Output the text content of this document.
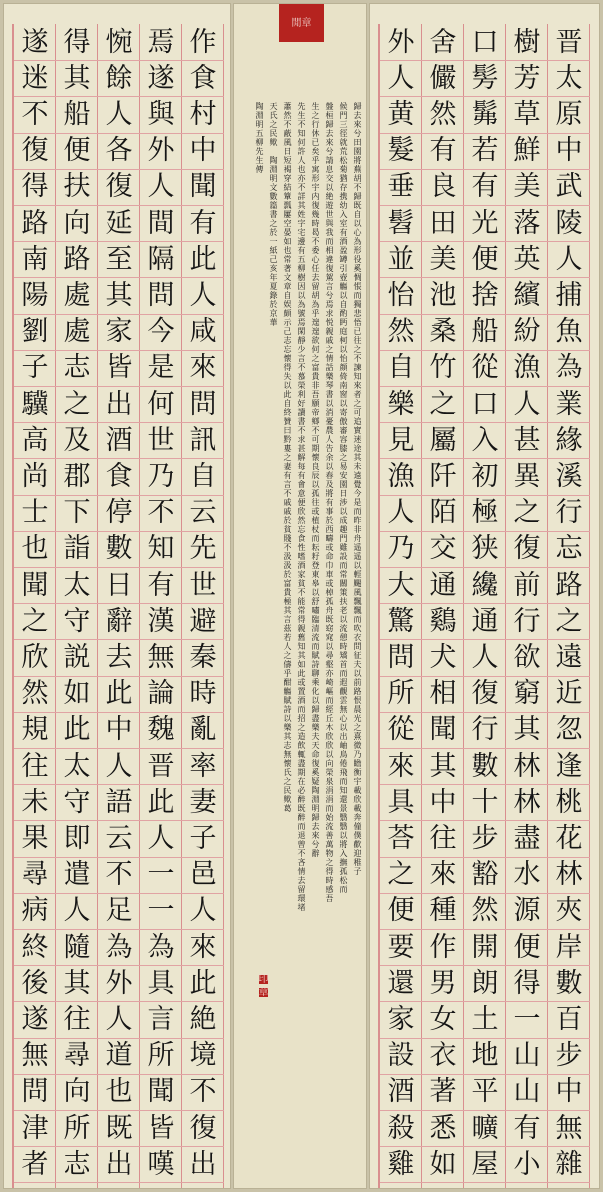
作
食
村
中
聞
有
此
人
咸
來
問
訊
自
云
先
世
避
秦
時
亂
率
妻
子
邑
人
來
此
絶
境
不
復
出
焉
遂
與
外
人
間
隔
問
今
是
何
世
乃
不
知
有
漢
無
論
魏
晋
此
人
一
一
為
具
言
所
聞
皆
嘆
惋
餘
人
各
復
延
至
其
家
皆
出
酒
食
停
數
日
辭
去
此
中
人
語
云
不
足
為
外
人
道
也
既
出
得
其
船
便
扶
向
路
處
處
志
之
及
郡
下
詣
太
守
説
如
此
太
守
即
遣
人
隨
其
往
尋
向
所
志
遂
迷
不
復
得
路
南
陽
劉
子
驥
高
尚
士
也
聞
之
欣
然
規
往
未
果
尋
病
終
後
遂
無
問
津
者
歸去來兮田園將蕪胡不歸既自以心為形役奚惆悵而獨悲悟已往之不諫知來者之可追實迷途其未遠覺今是而昨非舟遥遥以輕颺風飄飄而吹衣問征夫以前路恨晨光之熹微乃瞻衡宇載欣載奔僮僕歡迎稚子
候門三徑就荒松菊猶存携幼入室有酒盈罇引壺觴以自酌眄庭柯以怡顔倚南窗以寄傲審容膝之易安園日涉以成趣門雖設而常關策扶老以流憩時矯首而遐觀雲無心以出岫鳥倦飛而知還景翳翳以將入撫孤松而
盤桓歸去來兮請息交以絶遊世與我而相違復駕言兮焉求悦親戚之情話樂琴書以消憂農人告余以春及將有事於西疇或命巾車或棹孤舟既窈窕以尋壑亦崎嶇而經丘木欣欣以向榮泉涓涓而始流善萬物之得時感吾
生之行休已矣乎寓形宇内復幾時曷不委心任去留胡為乎遑遑欲何之富貴非吾願帝鄉不可期懷良辰以孤往或植杖而耘耔登東皋以舒嘯臨清流而賦詩聊乘化以歸盡樂夫天命復奚疑陶淵明歸去來兮辭
先生不知何許人也亦不詳其姓字宅邊有五柳樹因以為號焉閑靜少言不慕榮利好讀書不求甚解每有會意便欣然忘食性嗜酒家貧不能常得親舊知其如此或置酒而招之造飲輒盡期在必醉既醉而退曾不吝情去留環堵
蕭然不蔽風日短褐穿結簞瓢屢空晏如也常著文章自娱頗示己志忘懷得失以此自終贊曰黔婁之妻有言不戚戚於貧賤不汲汲於富貴極其言茲若人之儔乎酣觴賦詩以樂其志無懷氏之民歟葛
天氏之民歟　陶淵明文數篇書之於一紙己亥年夏錄於京華
陶淵明五柳先生傳
晋
太
原
中
武
陵
人
捕
魚
為
業
緣
溪
行
忘
路
之
遠
近
忽
逢
桃
花
林
夾
岸
數
百
步
中
無
雜
樹
芳
草
鮮
美
落
英
繽
紛
漁
人
甚
異
之
復
前
行
欲
窮
其
林
林
盡
水
源
便
得
一
山
山
有
小
口
髣
髴
若
有
光
便
捨
船
從
口
入
初
極
狭
纔
通
人
復
行
數
十
步
豁
然
開
朗
土
地
平
曠
屋
舍
儼
然
有
良
田
美
池
桑
竹
之
屬
阡
陌
交
通
鷄
犬
相
聞
其
中
往
來
種
作
男
女
衣
著
悉
如
外
人
黄
髮
垂
髫
並
怡
然
自
樂
見
漁
人
乃
大
驚
問
所
從
來
具
荅
之
便
要
還
家
設
酒
殺
雞
閒章
印
章
